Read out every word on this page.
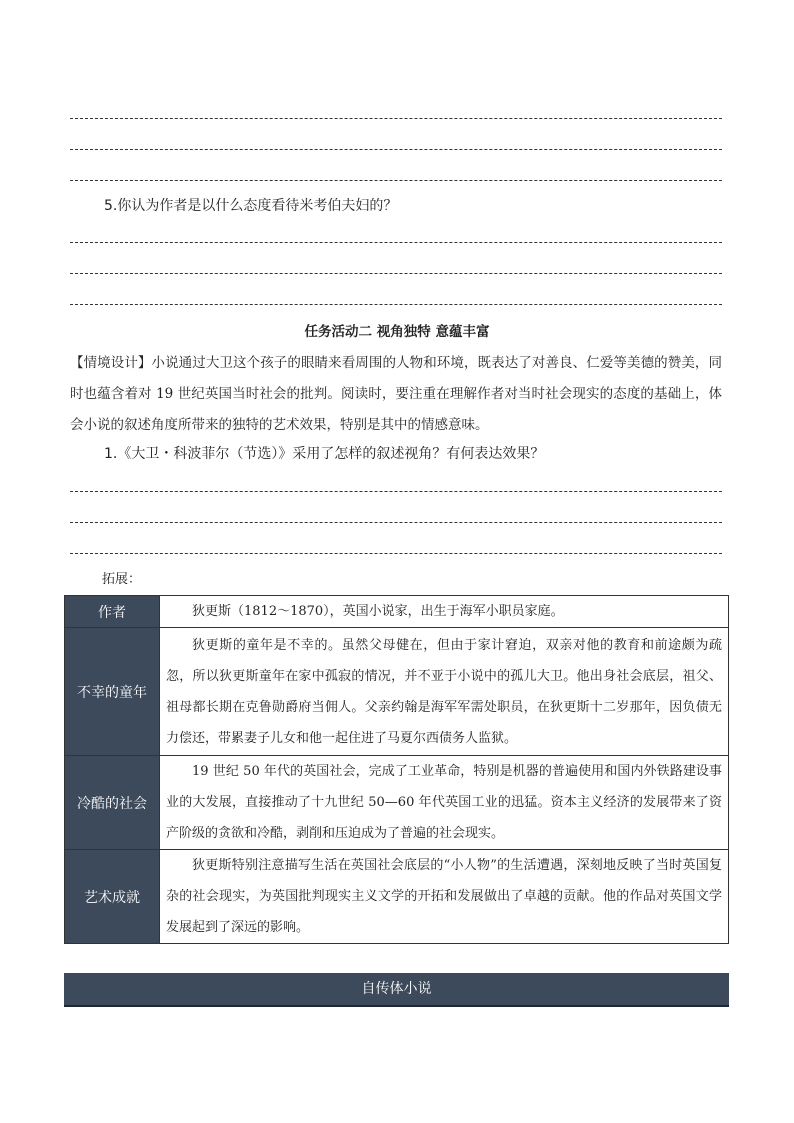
5.你认为作者是以什么态度看待米考伯夫妇的？
任务活动二 视角独特 意蕴丰富
【情境设计】小说通过大卫这个孩子的眼睛来看周围的人物和环境，既表达了对善良、仁爱等美德的赞美，同时也蕴含着对 19 世纪英国当时社会的批判。阅读时，要注重在理解作者对当时社会现实的态度的基础上，体会小说的叙述角度所带来的独特的艺术效果，特别是其中的情感意味。
1.《大卫・科波菲尔（节选）》采用了怎样的叙述视角？有何表达效果？
拓展：
作者	狄更斯（1812～1870），英国小说家，出生于海军小职员家庭。

不幸的童年	狄更斯的童年是不幸的。虽然父母健在，但由于家计窘迫，双亲对他的教育和前途颇为疏忽，所以狄更斯童年在家中孤寂的情况，并不亚于小说中的孤儿大卫。他出身社会底层，祖父、祖母都长期在克鲁勋爵府当佣人。父亲约翰是海军军需处职员，在狄更斯十二岁那年，因负债无力偿还，带累妻子儿女和他一起住进了马夏尔西债务人监狱。

冷酷的社会	19 世纪 50 年代的英国社会，完成了工业革命，特别是机器的普遍使用和国内外铁路建设事业的大发展，直接推动了十九世纪 50—60 年代英国工业的迅猛。资本主义经济的发展带来了资产阶级的贪欲和冷酷，剥削和压迫成为了普遍的社会现实。

艺术成就	狄更斯特别注意描写生活在英国社会底层的“小人物”的生活遭遇，深刻地反映了当时英国复杂的社会现实，为英国批判现实主义文学的开拓和发展做出了卓越的贡献。他的作品对英国文学发展起到了深远的影响。
自传体小说
